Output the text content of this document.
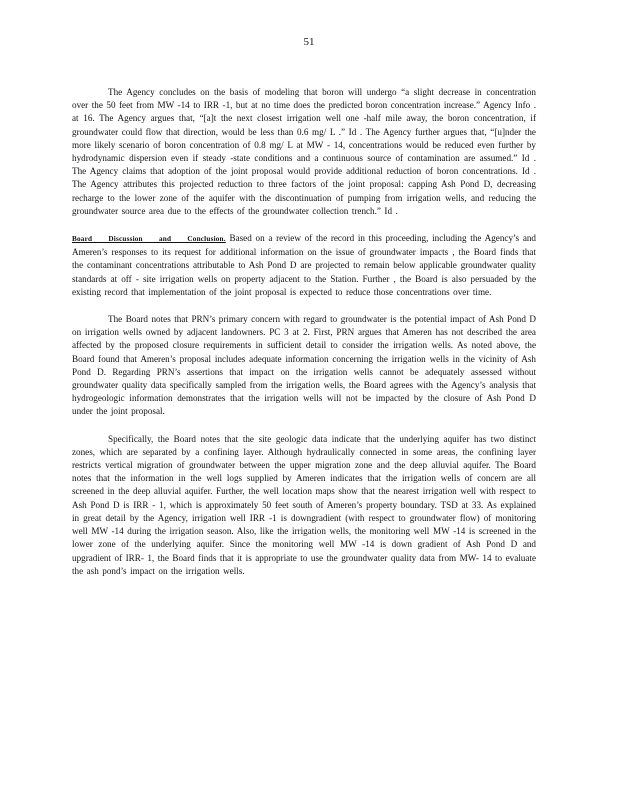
51

The Agency concludes on the basis of modeling that boron will undergo “a slight decrease in concentration over the 50 feet from MW -14 to IRR -1, but at no time does the predicted boron concentration increase.” Agency Info . at 16. The Agency argues that, “[a]t the next closest irrigation well one -half mile away, the boron concentration, if groundwater could flow that direction, would be less than 0.6 mg/ L .” Id . The Agency further argues that, “[u]nder the more likely scenario of boron concentration of 0.8 mg/ L at MW - 14, concentrations would be reduced even further by hydrodynamic dispersion even if steady -state conditions and a continuous source of contamination are assumed.” Id . The Agency claims that adoption of the joint proposal would provide additional reduction of boron concentrations. Id . The Agency attributes this projected reduction to three factors of the joint proposal: capping Ash Pond D, decreasing recharge to the lower zone of the aquifer with the discontinuation of pumping from irrigation wells, and reducing the groundwater source area due to the effects of the groundwater collection trench.” Id .

Board Discussion and Conclusion. Based on a review of the record in this proceeding, including the Agency’s and Ameren’s responses to its request for additional information on the issue of groundwater impacts , the Board finds that the contaminant concentrations attributable to Ash Pond D are projected to remain below applicable groundwater quality standards at off - site irrigation wells on property adjacent to the Station. Further , the Board is also persuaded by the existing record that implementation of the joint proposal is expected to reduce those concentrations over time.

The Board notes that PRN’s primary concern with regard to groundwater is the potential impact of Ash Pond D on irrigation wells owned by adjacent landowners. PC 3 at 2. First, PRN argues that Ameren has not described the area affected by the proposed closure requirements in sufficient detail to consider the irrigation wells. As noted above, the Board found that Ameren’s proposal includes adequate information concerning the irrigation wells in the vicinity of Ash Pond D. Regarding PRN’s assertions that impact on the irrigation wells cannot be adequately assessed without groundwater quality data specifically sampled from the irrigation wells, the Board agrees with the Agency’s analysis that hydrogeologic information demonstrates that the irrigation wells will not be impacted by the closure of Ash Pond D under the joint proposal.

Specifically, the Board notes that the site geologic data indicate that the underlying aquifer has two distinct zones, which are separated by a confining layer. Although hydraulically connected in some areas, the confining layer restricts vertical migration of groundwater between the upper migration zone and the deep alluvial aquifer. The Board notes that the information in the well logs supplied by Ameren indicates that the irrigation wells of concern are all screened in the deep alluvial aquifer. Further, the well location maps show that the nearest irrigation well with respect to Ash Pond D is IRR - 1, which is approximately 50 feet south of Ameren’s property boundary. TSD at 33. As explained in great detail by the Agency, irrigation well IRR -1 is downgradient (with respect to groundwater flow) of monitoring well MW -14 during the irrigation season. Also, like the irrigation wells, the monitoring well MW -14 is screened in the lower zone of the underlying aquifer. Since the monitoring well MW -14 is down gradient of Ash Pond D and upgradient of IRR- 1, the Board finds that it is appropriate to use the groundwater quality data from MW- 14 to evaluate the ash pond’s impact on the irrigation wells.
